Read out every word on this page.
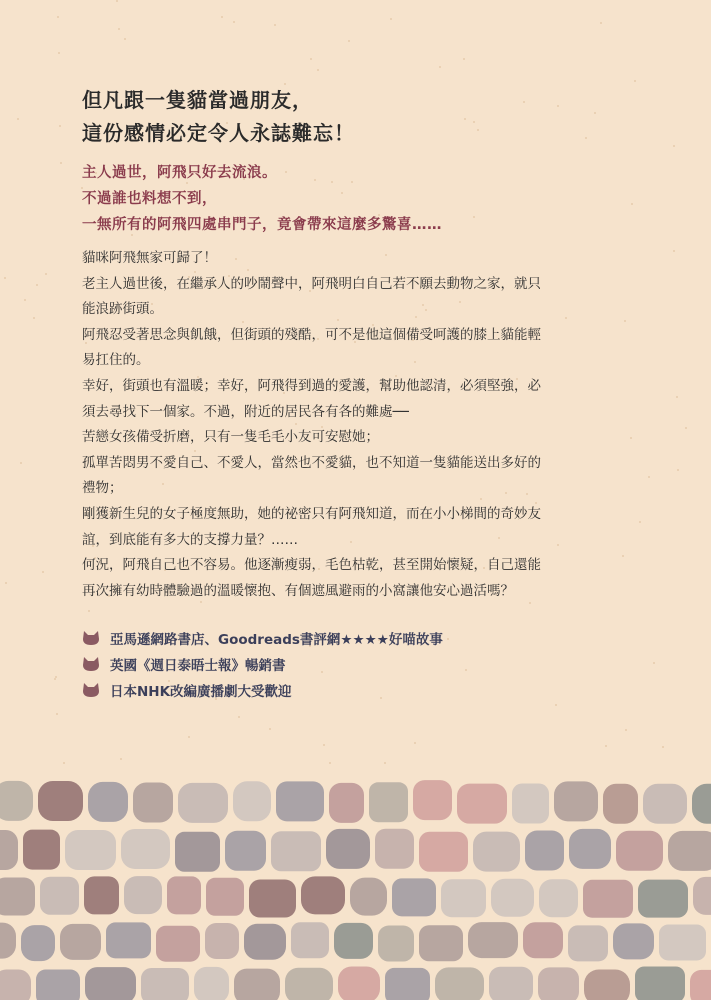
但凡跟一隻貓當過朋友，
這份感情必定令人永誌難忘！
主人過世，阿飛只好去流浪。
不過誰也料想不到，
一無所有的阿飛四處串門子，竟會帶來這麼多驚喜……

貓咪阿飛無家可歸了！

老主人過世後，在繼承人的吵鬧聲中，阿飛明白自己若不願去動物之家，就只

能浪跡街頭。

阿飛忍受著思念與飢餓，但街頭的殘酷，可不是他這個備受呵護的膝上貓能輕

易扛住的。

幸好，街頭也有溫暖；幸好，阿飛得到過的愛護，幫助他認清，必須堅強，必

須去尋找下一個家。不過，附近的居民各有各的難處──

苦戀女孩備受折磨，只有一隻毛毛小友可安慰她；

孤單苦悶男不愛自己、不愛人，當然也不愛貓，也不知道一隻貓能送出多好的

禮物；

剛獲新生兒的女子極度無助，她的祕密只有阿飛知道，而在小小梯間的奇妙友

誼，到底能有多大的支撐力量？……

何況，阿飛自己也不容易。他逐漸瘦弱，毛色枯乾，甚至開始懷疑，自己還能

再次擁有幼時體驗過的溫暖懷抱、有個遮風避雨的小窩讓他安心過活嗎？

亞馬遜網路書店、Goodreads書評網★★★★好喵故事
英國《週日泰晤士報》暢銷書
日本NHK改編廣播劇大受歡迎
